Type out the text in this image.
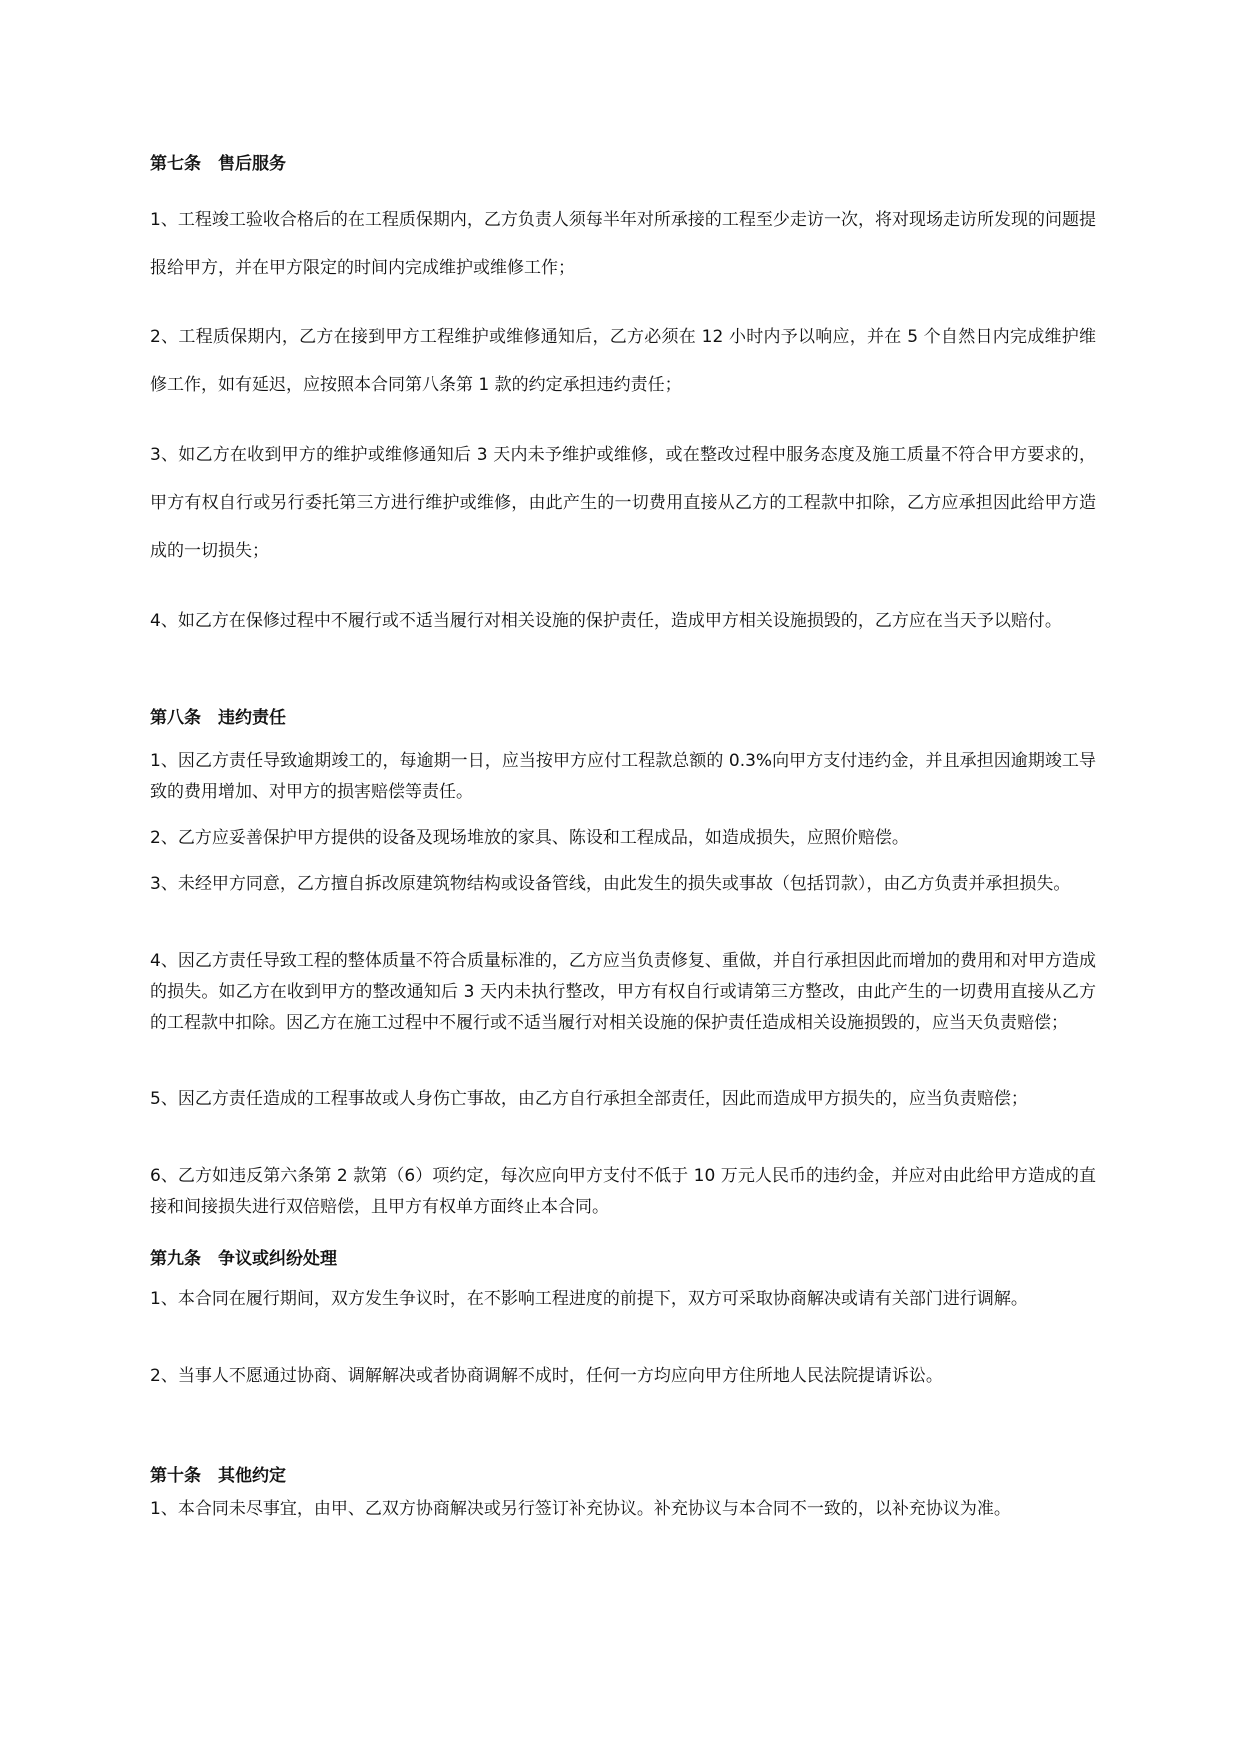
第七条　售后服务

1、工程竣工验收合格后的在工程质保期内，乙方负责人须每半年对所承接的工程至少走访一次，将对现场走访所发现的问题提报给甲方，并在甲方限定的时间内完成维护或维修工作；

2、工程质保期内，乙方在接到甲方工程维护或维修通知后，乙方必须在 12 小时内予以响应，并在 5 个自然日内完成维护维修工作，如有延迟，应按照本合同第八条第 1 款的约定承担违约责任；

3、如乙方在收到甲方的维护或维修通知后 3 天内未予维护或维修，或在整改过程中服务态度及施工质量不符合甲方要求的，甲方有权自行或另行委托第三方进行维护或维修，由此产生的一切费用直接从乙方的工程款中扣除，乙方应承担因此给甲方造成的一切损失；

4、如乙方在保修过程中不履行或不适当履行对相关设施的保护责任，造成甲方相关设施损毁的，乙方应在当天予以赔付。

第八条　违约责任

1、因乙方责任导致逾期竣工的，每逾期一日，应当按甲方应付工程款总额的 0.3%向甲方支付违约金，并且承担因逾期竣工导致的费用增加、对甲方的损害赔偿等责任。

2、乙方应妥善保护甲方提供的设备及现场堆放的家具、陈设和工程成品，如造成损失，应照价赔偿。

3、未经甲方同意，乙方擅自拆改原建筑物结构或设备管线，由此发生的损失或事故（包括罚款），由乙方负责并承担损失。

4、因乙方责任导致工程的整体质量不符合质量标准的，乙方应当负责修复、重做，并自行承担因此而增加的费用和对甲方造成的损失。如乙方在收到甲方的整改通知后 3 天内未执行整改，甲方有权自行或请第三方整改，由此产生的一切费用直接从乙方的工程款中扣除。因乙方在施工过程中不履行或不适当履行对相关设施的保护责任造成相关设施损毁的，应当天负责赔偿；

5、因乙方责任造成的工程事故或人身伤亡事故，由乙方自行承担全部责任，因此而造成甲方损失的，应当负责赔偿；

6、乙方如违反第六条第 2 款第（6）项约定，每次应向甲方支付不低于 10 万元人民币的违约金，并应对由此给甲方造成的直接和间接损失进行双倍赔偿，且甲方有权单方面终止本合同。

第九条　争议或纠纷处理

1、本合同在履行期间，双方发生争议时，在不影响工程进度的前提下，双方可采取协商解决或请有关部门进行调解。

2、当事人不愿通过协商、调解解决或者协商调解不成时，任何一方均应向甲方住所地人民法院提请诉讼。

第十条　其他约定

1、本合同未尽事宜，由甲、乙双方协商解决或另行签订补充协议。补充协议与本合同不一致的，以补充协议为准。
